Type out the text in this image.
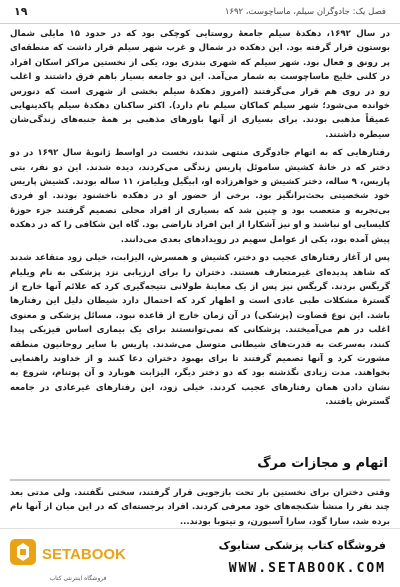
فصل یک: جادوگران سیلم، ماساچوست، ۱۶۹۲
۱۹

در سال ۱۶۹۲، دهکدهٔ سیلم جامعهٔ روستایی کوچکی بود که در حدود ۱۵ مایلی شمال بوستون قرار گرفته بود. این دهکده در شمال و غرب شهر سیلم قرار داشت که منطقه‌ای پر رونق و فعال بود. شهر سیلم که شهری بندری بود، یکی از نخستین مراکز اسکان افراد در کلنی خلیج ماساچوست به شمار می‌آمد. این دو جامعه بسیار باهم فرق داشتند و اغلب رو در روی هم قرار می‌گرفتند (امروز دهکدهٔ سیلم بخشی از شهری است که دنورس خوانده می‌شود؛ شهر سیلم کماکان سیلم نام دارد). اکثر ساکنان دهکدهٔ سیلم پاکدینهایی عمیقاً مذهبی بودند. برای بسیاری از آنها باورهای مذهبی بر همهٔ جنبه‌های زندگی‌شان سیطره داشتند.

رفتارهایی که به اتهام جادوگری منتهی شدند، نخست در اواسط ژانویهٔ سال ۱۶۹۲ در دو دختر که در خانهٔ کشیش ساموئل پاریس زندگی می‌کردند، دیده شدند. این دو نفر، بتی پاریس، ۹ ساله، دختر کشیش و خواهرزاده او، ابیگیل ویلیامز، ۱۱ ساله بودند. کشیش پاریس خود شخصیتی بحث‌برانگیز بود. برخی از حضور او در دهکده ناخشنود بودند. او فردی بی‌تجربه و متعصب بود و چنین شد که بسیاری از افراد محلی تصمیم گرفتند جزء حوزهٔ کلیسایی او نباشند و او نیز آشکارا از این افراد ناراضی بود. گاه این شکافی را که در دهکده پیش آمده بود، یکی از عوامل سهیم در رویدادهای بعدی می‌دانند.

پس از آغاز رفتارهای عجیب دو دختر، کشیش و همسرش، الیزابت، خیلی زود متقاعد شدند که شاهد پدیده‌ای غیرمتعارف هستند. دختران را برای ارزیابی نزد پزشکی به نام ویلیام گریگس بردند. گریگس نیز پس از یک معاینهٔ طولانی نتیجه‌گیری کرد که علائم آنها خارج از گسترهٔ مشکلات طبی عادی است و اظهار کرد که احتمال دارد شیطان دلیل این رفتارها باشد. این نوع قضاوت (پزشکی) در آن زمان خارج از قاعده نبود. مسائل پزشکی و معنوی اغلب در هم می‌آمیختند. پزشکانی که نمی‌توانستند برای یک بیماری اساس فیزیکی پیدا کنند، به‌سرعت به قدرت‌های شیطانی متوسل می‌شدند. پاریس با سایر روحانیون منطقه مشورت کرد و آنها تصمیم گرفتند تا برای بهبود دختران دعا کنند و از خداوند راهنمایی بخواهند. مدت زیادی نگذشته بود که دو دختر دیگر، الیزابت هوبارد و آن پوتنام، شروع به نشان دادن همان رفتارهای عجیب کردند. خیلی زود، این رفتارهای غیرعادی در جامعه گسترش یافتند.

اتهام و مجازات مرگ
وقتی دختران برای نخستین بار تحت بازجویی قرار گرفتند، سخنی نگفتند. ولی مدتی بعد چند نفر را منشأ شکنجه‌های خود معرفی کردند. افراد برجسته‌ای که در این میان از آنها نام برده شد، سارا گود، سارا آسبورن، و تیتوبا بودند...
SETABOOK
فروشگاه اینترنتی کتاب
فروشگاه کتاب پزشکی ستابوک
WWW.SETABOOK.COM
